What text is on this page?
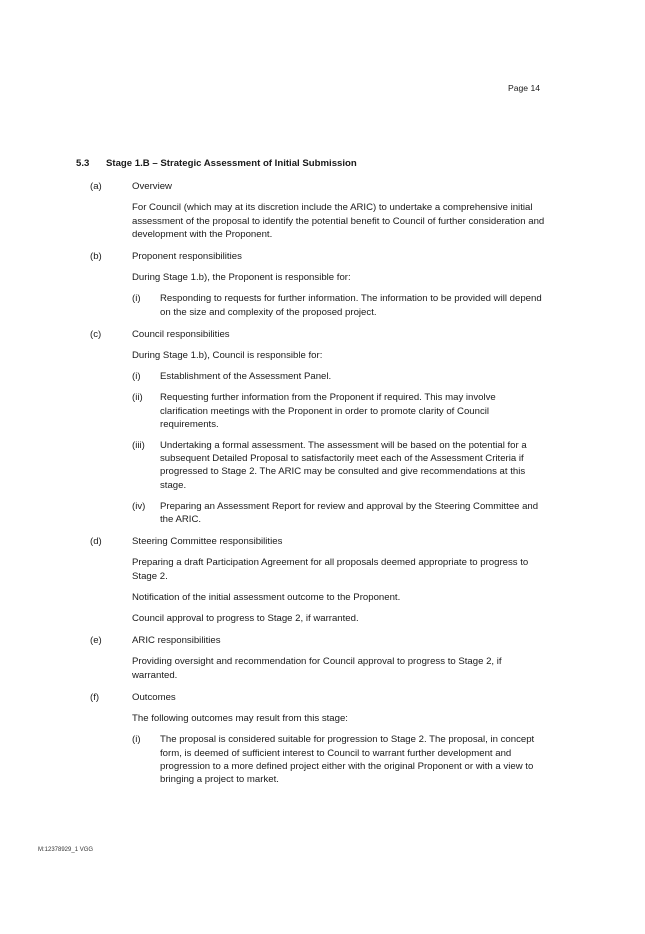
Page 14
5.3	Stage 1.B – Strategic Assessment of Initial Submission
(a)	Overview

For Council (which may at its discretion include the ARIC) to undertake a comprehensive initial assessment of the proposal to identify the potential benefit to Council of further consideration and development with the Proponent.

(b)	Proponent responsibilities

During Stage 1.b), the Proponent is responsible for:

(i)	Responding to requests for further information. The information to be provided will depend on the size and complexity of the proposed project.
(c)	Council responsibilities

During Stage 1.b), Council is responsible for:

(i)	Establishment of the Assessment Panel.
(ii)	Requesting further information from the Proponent if required. This may involve clarification meetings with the Proponent in order to promote clarity of Council requirements.
(iii)	Undertaking a formal assessment. The assessment will be based on the potential for a subsequent Detailed Proposal to satisfactorily meet each of the Assessment Criteria if progressed to Stage 2. The ARIC may be consulted and give recommendations at this stage.
(iv)	Preparing an Assessment Report for review and approval by the Steering Committee and the ARIC.
(d)	Steering Committee responsibilities

Preparing a draft Participation Agreement for all proposals deemed appropriate to progress to Stage 2.

Notification of the initial assessment outcome to the Proponent.

Council approval to progress to Stage 2, if warranted.

(e)	ARIC responsibilities

Providing oversight and recommendation for Council approval to progress to Stage 2, if warranted.

(f)	Outcomes

The following outcomes may result from this stage:

(i)	The proposal is considered suitable for progression to Stage 2. The proposal, in concept form, is deemed of sufficient interest to Council to warrant further development and progression to a more defined project either with the original Proponent or with a view to bringing a project to market.
M:12378929_1 VGG
